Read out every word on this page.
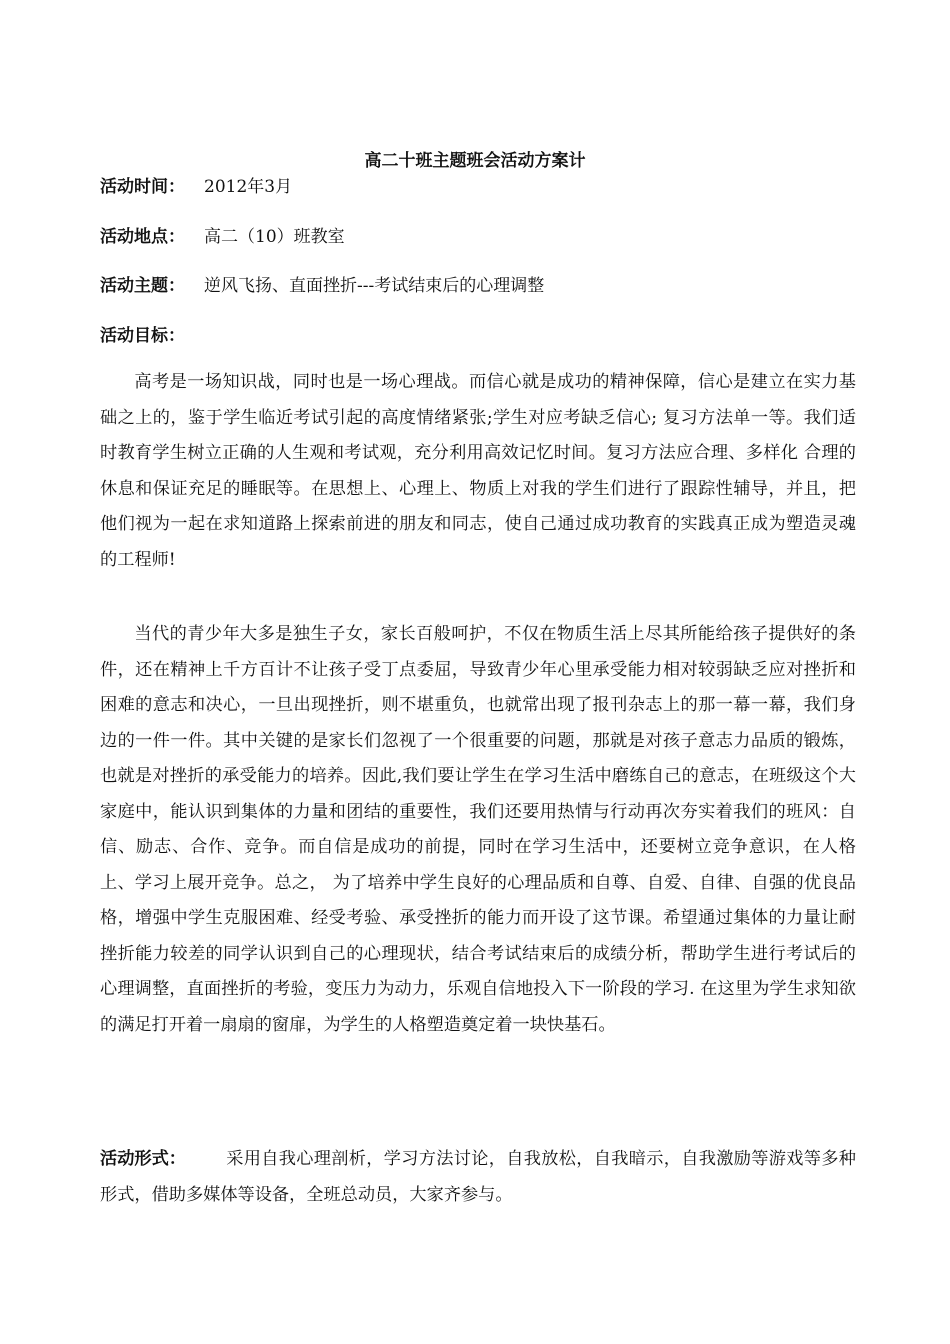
高二十班主题班会活动方案计
活动时间： 2012年3月
活动地点： 高二（10）班教室
活动主题： 逆风飞扬、直面挫折---考试结束后的心理调整
活动目标：

高考是一场知识战，同时也是一场心理战。而信心就是成功的精神保障，信心是建立在实力基础之上的，鉴于学生临近考试引起的高度情绪紧张;学生对应考缺乏信心; 复习方法单一等。我们适时教育学生树立正确的人生观和考试观，充分利用高效记忆时间。复习方法应合理、多样化 合理的休息和保证充足的睡眠等。在思想上、心理上、物质上对我的学生们进行了跟踪性辅导，并且，把他们视为一起在求知道路上探索前进的朋友和同志，使自己通过成功教育的实践真正成为塑造灵魂的工程师!

当代的青少年大多是独生子女，家长百般呵护，不仅在物质生活上尽其所能给孩子提供好的条件，还在精神上千方百计不让孩子受丁点委屈，导致青少年心里承受能力相对较弱缺乏应对挫折和困难的意志和决心，一旦出现挫折，则不堪重负，也就常出现了报刊杂志上的那一幕一幕，我们身边的一件一件。其中关键的是家长们忽视了一个很重要的问题，那就是对孩子意志力品质的锻炼，也就是对挫折的承受能力的培养。因此,我们要让学生在学习生活中磨练自己的意志，在班级这个大家庭中，能认识到集体的力量和团结的重要性，我们还要用热情与行动再次夯实着我们的班风：自信、励志、合作、竞争。而自信是成功的前提，同时在学习生活中，还要树立竞争意识，在人格上、学习上展开竞争。总之， 为了培养中学生良好的心理品质和自尊、自爱、自律、自强的优良品格，增强中学生克服困难、经受考验、承受挫折的能力而开设了这节课。希望通过集体的力量让耐挫折能力较差的同学认识到自己的心理现状，结合考试结束后的成绩分析，帮助学生进行考试后的心理调整，直面挫折的考验，变压力为动力，乐观自信地投入下一阶段的学习. 在这里为学生求知欲的满足打开着一扇扇的窗扉，为学生的人格塑造奠定着一块快基石。

活动形式： 采用自我心理剖析，学习方法讨论，自我放松，自我暗示，自我激励等游戏等多种形式，借助多媒体等设备，全班总动员，大家齐参与。
